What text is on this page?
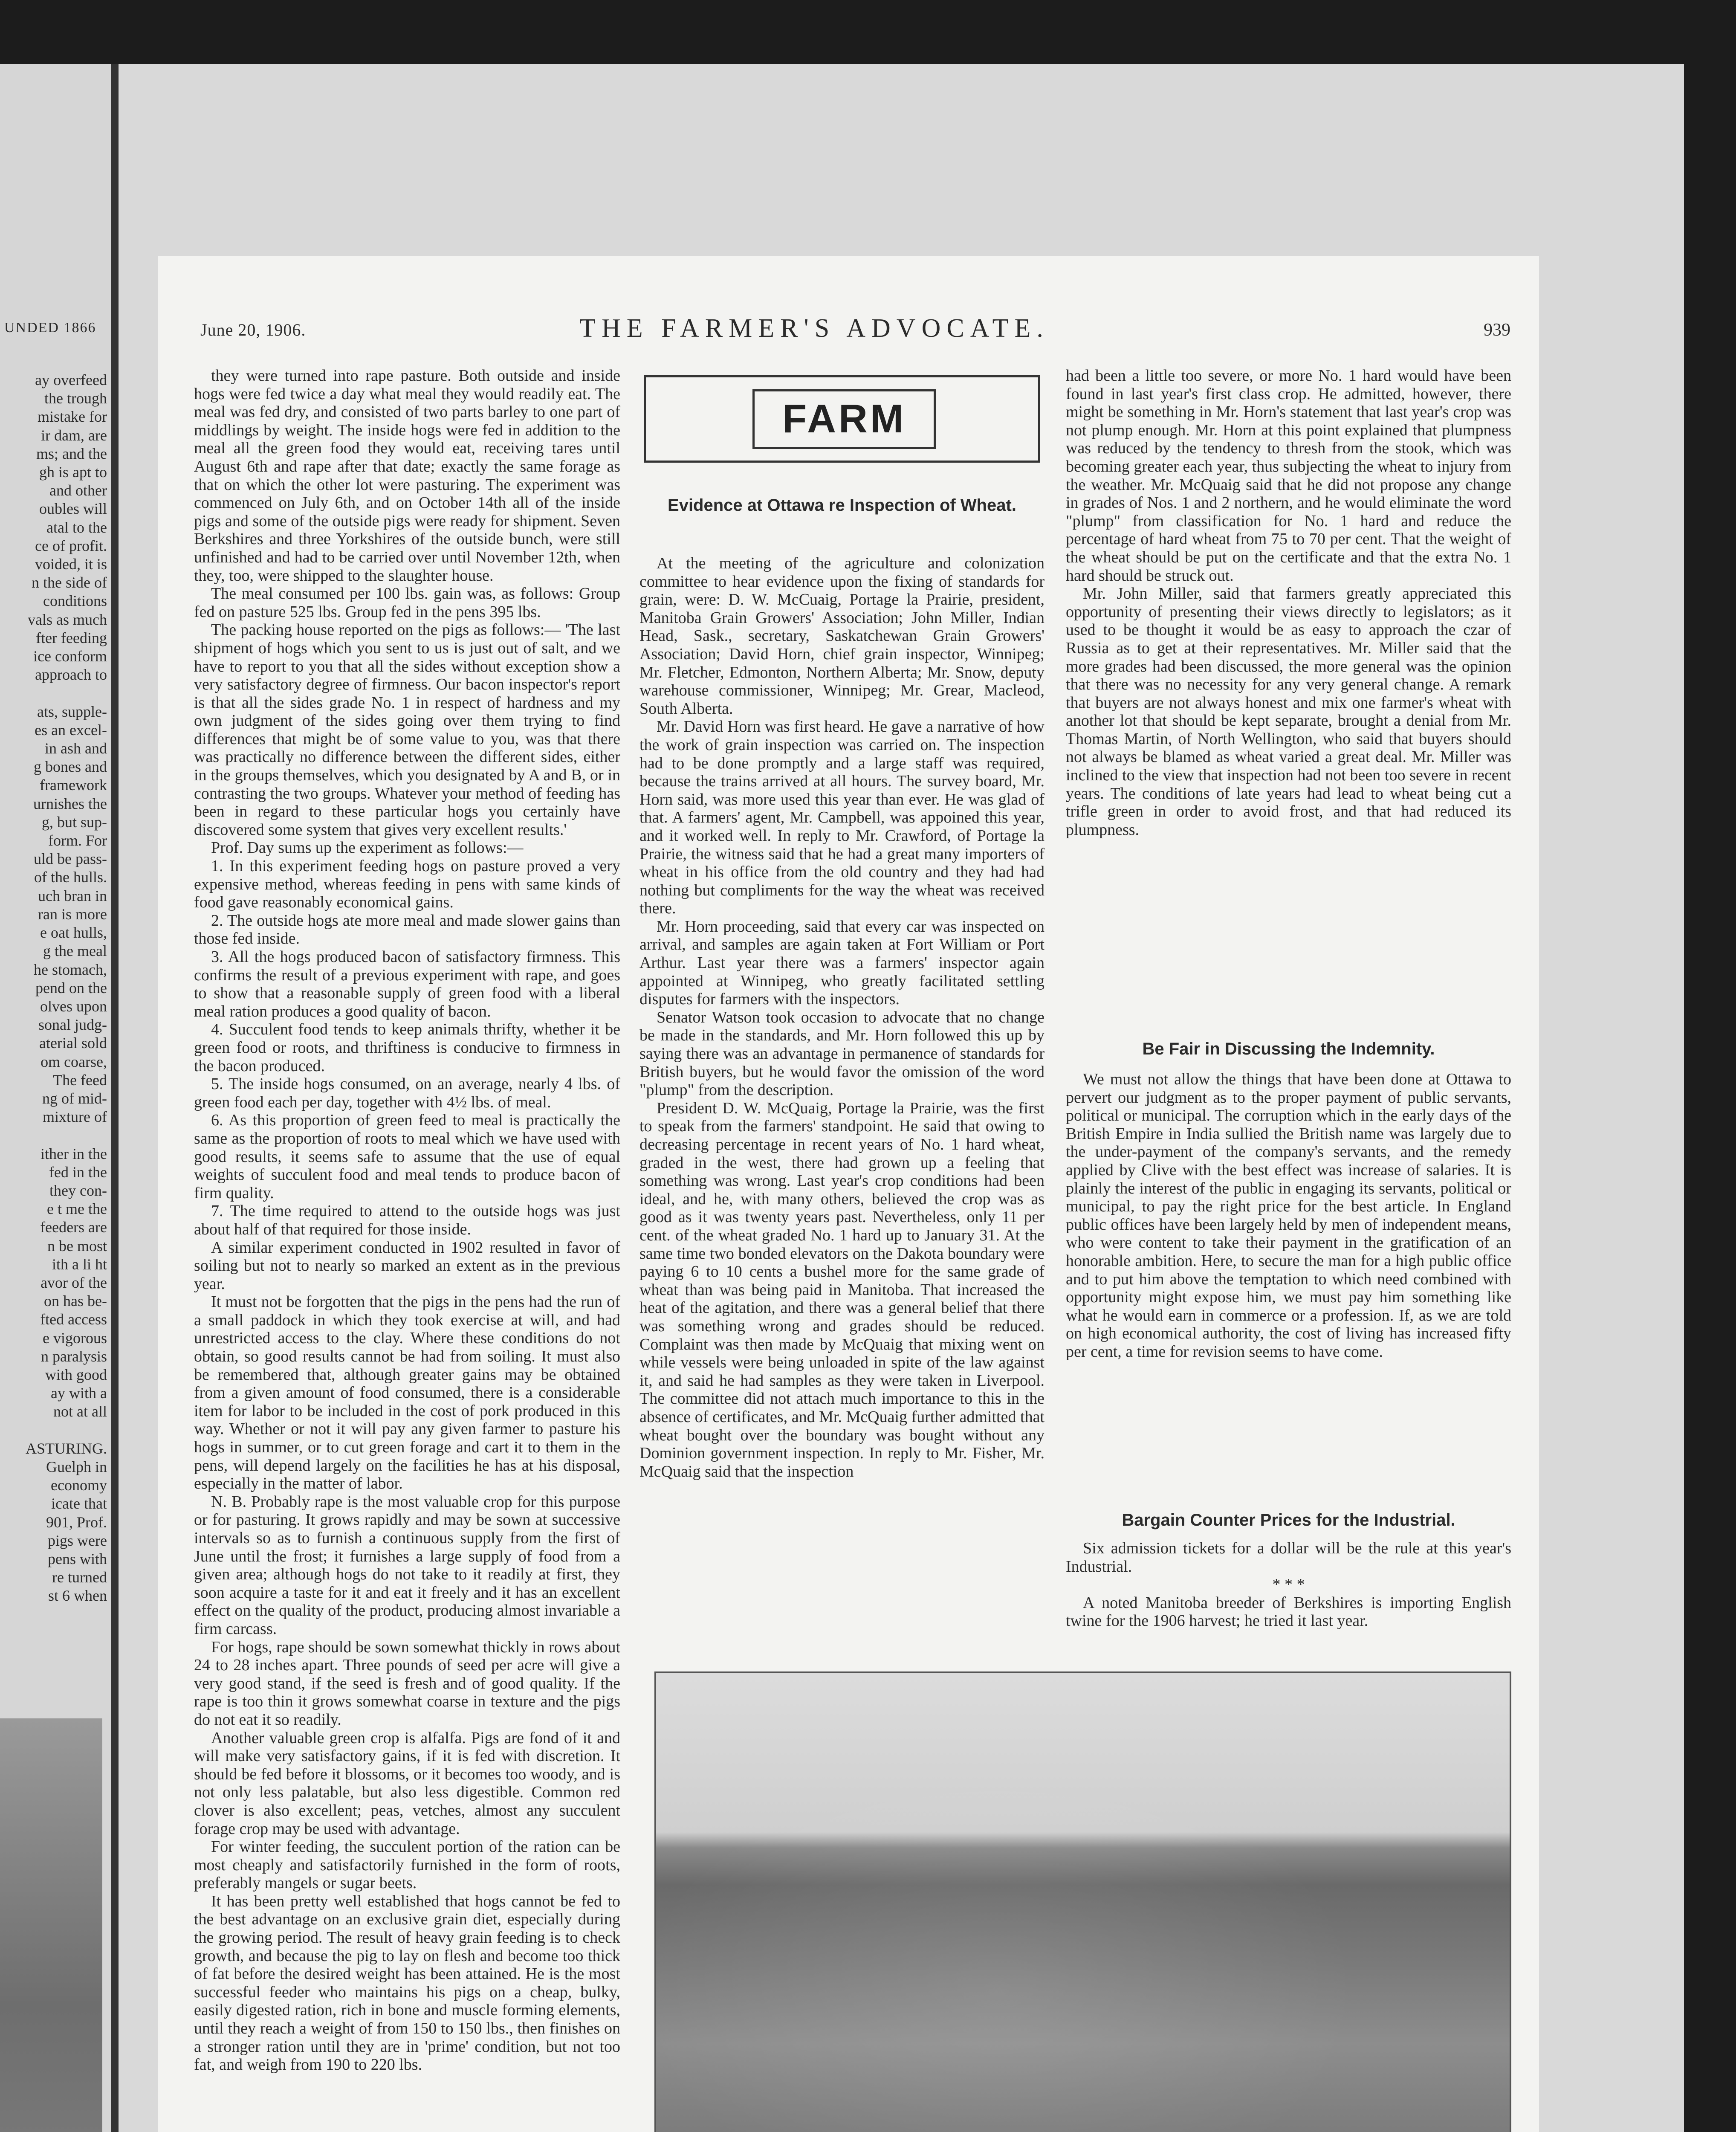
UNDED 1866
ay overfeed
the trough
mistake for
ir dam, are
ms; and the
gh is apt to
and other
oubles will
atal to the
ce of profit.
voided, it is
n the side of
conditions
vals as much
fter feeding
ice conform
approach to

ats, supple-
es an excel-
in ash and
g bones and
framework
urnishes the
g, but sup-
form. For
uld be pass-
of the hulls.
uch bran in
ran is more
e oat hulls,
g the meal
he stomach,
pend on the
olves upon
sonal judg-
aterial sold
om coarse,
The feed
ng of mid-
mixture of

ither in the
fed in the
they con-
e t me the
feeders are
n be most
ith a li ht
avor of the
on has be-
fted access
e vigorous
n paralysis
with good
ay with a
not at all

ASTURING.
Guelph in
economy
icate that
901, Prof.
pigs were
pens with
re turned
st 6 when
June 20, 1906.	THE FARMER'S ADVOCATE.	939

they were turned into rape pasture. Both outside and inside hogs were fed twice a day what meal they would readily eat. The meal was fed dry, and consisted of two parts barley to one part of middlings by weight. The inside hogs were fed in addition to the meal all the green food they would eat, receiving tares until August 6th and rape after that date; exactly the same forage as that on which the other lot were pasturing. The experiment was commenced on July 6th, and on October 14th all of the inside pigs and some of the outside pigs were ready for shipment. Seven Berkshires and three Yorkshires of the outside bunch, were still unfinished and had to be carried over until November 12th, when they, too, were shipped to the slaughter house.

The meal consumed per 100 lbs. gain was, as follows: Group fed on pasture 525 lbs. Group fed in the pens 395 lbs.

The packing house reported on the pigs as follows:— 'The last shipment of hogs which you sent to us is just out of salt, and we have to report to you that all the sides without exception show a very satisfactory degree of firmness. Our bacon inspector's report is that all the sides grade No. 1 in respect of hardness and my own judgment of the sides going over them trying to find differences that might be of some value to you, was that there was practically no difference between the different sides, either in the groups themselves, which you designated by A and B, or in contrasting the two groups. Whatever your method of feeding has been in regard to these particular hogs you certainly have discovered some system that gives very excellent results.'

Prof. Day sums up the experiment as follows:—

1. In this experiment feeding hogs on pasture proved a very expensive method, whereas feeding in pens with same kinds of food gave reasonably economical gains.

2. The outside hogs ate more meal and made slower gains than those fed inside.

3. All the hogs produced bacon of satisfactory firmness. This confirms the result of a previous experiment with rape, and goes to show that a reasonable supply of green food with a liberal meal ration produces a good quality of bacon.

4. Succulent food tends to keep animals thrifty, whether it be green food or roots, and thriftiness is conducive to firmness in the bacon produced.

5. The inside hogs consumed, on an average, nearly 4 lbs. of green food each per day, together with 4½ lbs. of meal.

6. As this proportion of green feed to meal is practically the same as the proportion of roots to meal which we have used with good results, it seems safe to assume that the use of equal weights of succulent food and meal tends to produce bacon of firm quality.

7. The time required to attend to the outside hogs was just about half of that required for those inside.

A similar experiment conducted in 1902 resulted in favor of soiling but not to nearly so marked an extent as in the previous year.

It must not be forgotten that the pigs in the pens had the run of a small paddock in which they took exercise at will, and had unrestricted access to the clay. Where these conditions do not obtain, so good results cannot be had from soiling. It must also be remembered that, although greater gains may be obtained from a given amount of food consumed, there is a considerable item for labor to be included in the cost of pork produced in this way. Whether or not it will pay any given farmer to pasture his hogs in summer, or to cut green forage and cart it to them in the pens, will depend largely on the facilities he has at his disposal, especially in the matter of labor.

N. B. Probably rape is the most valuable crop for this purpose or for pasturing. It grows rapidly and may be sown at successive intervals so as to furnish a continuous supply from the first of June until the frost; it furnishes a large supply of food from a given area; although hogs do not take to it readily at first, they soon acquire a taste for it and eat it freely and it has an excellent effect on the quality of the product, producing almost invariable a firm carcass.

For hogs, rape should be sown somewhat thickly in rows about 24 to 28 inches apart. Three pounds of seed per acre will give a very good stand, if the seed is fresh and of good quality. If the rape is too thin it grows somewhat coarse in texture and the pigs do not eat it so readily.

Another valuable green crop is alfalfa. Pigs are fond of it and will make very satisfactory gains, if it is fed with discretion. It should be fed before it blossoms, or it becomes too woody, and is not only less palatable, but also less digestible. Common red clover is also excellent; peas, vetches, almost any succulent forage crop may be used with advantage.

For winter feeding, the succulent portion of the ration can be most cheaply and satisfactorily furnished in the form of roots, preferably mangels or sugar beets.

It has been pretty well established that hogs cannot be fed to the best advantage on an exclusive grain diet, especially during the growing period. The result of heavy grain feeding is to check growth, and because the pig to lay on flesh and become too thick of fat before the desired weight has been attained. He is the most successful feeder who maintains his pigs on a cheap, bulky, easily digested ration, rich in bone and muscle forming elements, until they reach a weight of from 150 to 150 lbs., then finishes on a stronger ration until they are in 'prime' condition, but not too fat, and weigh from 190 to 220 lbs.

FARM
Evidence at Ottawa re Inspection of Wheat.

At the meeting of the agriculture and colonization committee to hear evidence upon the fixing of standards for grain, were: D. W. McCuaig, Portage la Prairie, president, Manitoba Grain Growers' Association; John Miller, Indian Head, Sask., secretary, Saskatchewan Grain Growers' Association; David Horn, chief grain inspector, Winnipeg; Mr. Fletcher, Edmonton, Northern Alberta; Mr. Snow, deputy warehouse commissioner, Winnipeg; Mr. Grear, Macleod, South Alberta.

Mr. David Horn was first heard. He gave a narrative of how the work of grain inspection was carried on. The inspection had to be done promptly and a large staff was required, because the trains arrived at all hours. The survey board, Mr. Horn said, was more used this year than ever. He was glad of that. A farmers' agent, Mr. Campbell, was appoined this year, and it worked well. In reply to Mr. Crawford, of Portage la Prairie, the witness said that he had a great many importers of wheat in his office from the old country and they had had nothing but compliments for the way the wheat was received there.

Mr. Horn proceeding, said that every car was inspected on arrival, and samples are again taken at Fort William or Port Arthur. Last year there was a farmers' inspector again appointed at Winnipeg, who greatly facilitated settling disputes for farmers with the inspectors.

Senator Watson took occasion to advocate that no change be made in the standards, and Mr. Horn followed this up by saying there was an advantage in permanence of standards for British buyers, but he would favor the omission of the word "plump" from the description.

President D. W. McQuaig, Portage la Prairie, was the first to speak from the farmers' standpoint. He said that owing to decreasing percentage in recent years of No. 1 hard wheat, graded in the west, there had grown up a feeling that something was wrong. Last year's crop conditions had been ideal, and he, with many others, believed the crop was as good as it was twenty years past. Nevertheless, only 11 per cent. of the wheat graded No. 1 hard up to January 31. At the same time two bonded elevators on the Dakota boundary were paying 6 to 10 cents a bushel more for the same grade of wheat than was being paid in Manitoba. That increased the heat of the agitation, and there was a general belief that there was something wrong and grades should be reduced. Complaint was then made by McQuaig that mixing went on while vessels were being unloaded in spite of the law against it, and said he had samples as they were taken in Liverpool. The committee did not attach much importance to this in the absence of certificates, and Mr. McQuaig further admitted that wheat bought over the boundary was bought without any Dominion government inspection. In reply to Mr. Fisher, Mr. McQuaig said that the inspection

had been a little too severe, or more No. 1 hard would have been found in last year's first class crop. He admitted, however, there might be something in Mr. Horn's statement that last year's crop was not plump enough. Mr. Horn at this point explained that plumpness was reduced by the tendency to thresh from the stook, which was becoming greater each year, thus subjecting the wheat to injury from the weather. Mr. McQuaig said that he did not propose any change in grades of Nos. 1 and 2 northern, and he would eliminate the word "plump" from classification for No. 1 hard and reduce the percentage of hard wheat from 75 to 70 per cent. That the weight of the wheat should be put on the certificate and that the extra No. 1 hard should be struck out.

Mr. John Miller, said that farmers greatly appreciated this opportunity of presenting their views directly to legislators; as it used to be thought it would be as easy to approach the czar of Russia as to get at their representatives. Mr. Miller said that the more grades had been discussed, the more general was the opinion that there was no necessity for any very general change. A remark that buyers are not always honest and mix one farmer's wheat with another lot that should be kept separate, brought a denial from Mr. Thomas Martin, of North Wellington, who said that buyers should not always be blamed as wheat varied a great deal. Mr. Miller was inclined to the view that inspection had not been too severe in recent years. The conditions of late years had lead to wheat being cut a trifle green in order to avoid frost, and that had reduced its plumpness.

Be Fair in Discussing the Indemnity.

We must not allow the things that have been done at Ottawa to pervert our judgment as to the proper payment of public servants, political or municipal. The corruption which in the early days of the British Empire in India sullied the British name was largely due to the under-payment of the company's servants, and the remedy applied by Clive with the best effect was increase of salaries. It is plainly the interest of the public in engaging its servants, political or municipal, to pay the right price for the best article. In England public offices have been largely held by men of independent means, who were content to take their payment in the gratification of an honorable ambition. Here, to secure the man for a high public office and to put him above the temptation to which need combined with opportunity might expose him, we must pay him something like what he would earn in commerce or a profession. If, as we are told on high economical authority, the cost of living has increased fifty per cent, a time for revision seems to have come.

Bargain Counter Prices for the Industrial.

Six admission tickets for a dollar will be the rule at this year's Industrial.

* * *

A noted Manitoba breeder of Berkshires is importing English twine for the 1906 harvest; he tried it last year.
